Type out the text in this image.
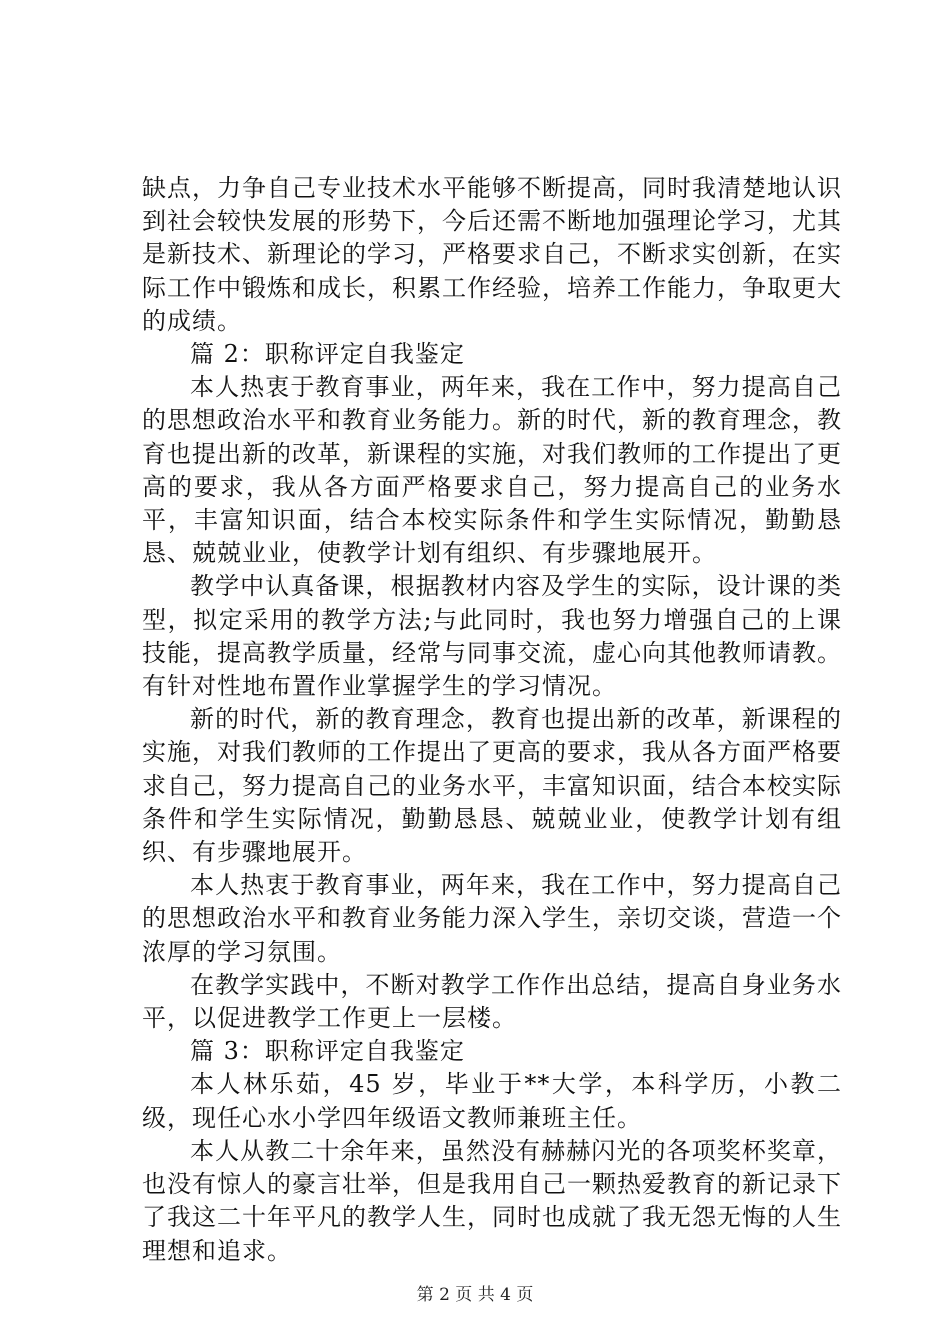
缺点，力争自己专业技术水平能够不断提高，同时我清楚地认识到社会较快发展的形势下，今后还需不断地加强理论学习，尤其是新技术、新理论的学习，严格要求自己，不断求实创新，在实际工作中锻炼和成长，积累工作经验，培养工作能力，争取更大的成绩。

篇 2：职称评定自我鉴定

本人热衷于教育事业，两年来，我在工作中，努力提高自己的思想政治水平和教育业务能力。新的时代，新的教育理念，教育也提出新的改革，新课程的实施，对我们教师的工作提出了更高的要求，我从各方面严格要求自己，努力提高自己的业务水平，丰富知识面，结合本校实际条件和学生实际情况，勤勤恳恳、兢兢业业，使教学计划有组织、有步骤地展开。

教学中认真备课，根据教材内容及学生的实际，设计课的类型，拟定采用的教学方法;与此同时，我也努力增强自己的上课技能，提高教学质量，经常与同事交流，虚心向其他教师请教。有针对性地布置作业掌握学生的学习情况。

新的时代，新的教育理念，教育也提出新的改革，新课程的实施，对我们教师的工作提出了更高的要求，我从各方面严格要求自己，努力提高自己的业务水平，丰富知识面，结合本校实际条件和学生实际情况，勤勤恳恳、兢兢业业，使教学计划有组织、有步骤地展开。

本人热衷于教育事业，两年来，我在工作中，努力提高自己的思想政治水平和教育业务能力深入学生，亲切交谈，营造一个浓厚的学习氛围。

在教学实践中，不断对教学工作作出总结，提高自身业务水平，以促进教学工作更上一层楼。

篇 3：职称评定自我鉴定

本人林乐茹，45 岁，毕业于**大学，本科学历，小教二级，现任心水小学四年级语文教师兼班主任。

本人从教二十余年来，虽然没有赫赫闪光的各项奖杯奖章，也没有惊人的豪言壮举，但是我用自己一颗热爱教育的新记录下了我这二十年平凡的教学人生，同时也成就了我无怨无悔的人生理想和追求。

第 2 页 共 4 页
